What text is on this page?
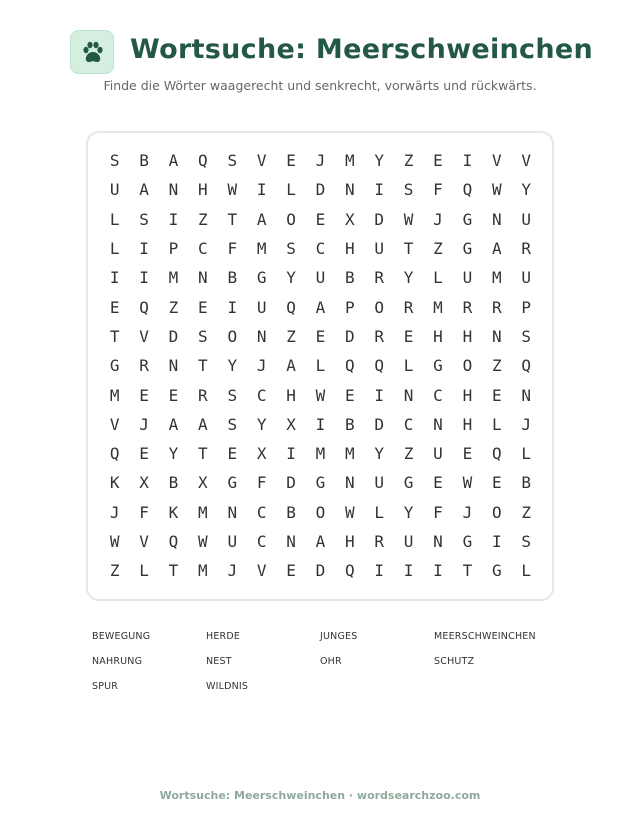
Wortsuche: Meerschweinchen
Finde die Wörter waagerecht und senkrecht, vorwärts und rückwärts.
S	B	A	Q	S	V	E	J	M	Y	Z	E	I	V	V
U	A	N	H	W	I	L	D	N	I	S	F	Q	W	Y
L	S	I	Z	T	A	O	E	X	D	W	J	G	N	U
L	I	P	C	F	M	S	C	H	U	T	Z	G	A	R
I	I	M	N	B	G	Y	U	B	R	Y	L	U	M	U
E	Q	Z	E	I	U	Q	A	P	O	R	M	R	R	P
T	V	D	S	O	N	Z	E	D	R	E	H	H	N	S
G	R	N	T	Y	J	A	L	Q	Q	L	G	O	Z	Q
M	E	E	R	S	C	H	W	E	I	N	C	H	E	N
V	J	A	A	S	Y	X	I	B	D	C	N	H	L	J
Q	E	Y	T	E	X	I	M	M	Y	Z	U	E	Q	L
K	X	B	X	G	F	D	G	N	U	G	E	W	E	B
J	F	K	M	N	C	B	O	W	L	Y	F	J	O	Z
W	V	Q	W	U	C	N	A	H	R	U	N	G	I	S
Z	L	T	M	J	V	E	D	Q	I	I	I	T	G	L
BEWEGUNG	HERDE	JUNGES	MEERSCHWEINCHEN
NAHRUNG	NEST	OHR	SCHUTZ
SPUR	WILDNIS
Wortsuche: Meerschweinchen · wordsearchzoo.com
